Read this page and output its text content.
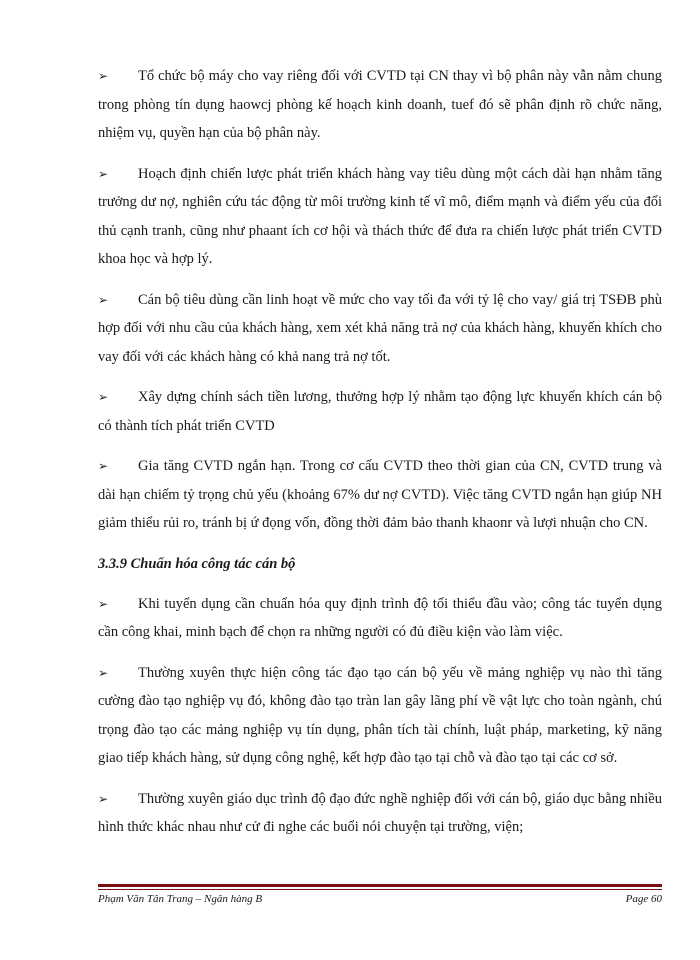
➢ Tổ chức bộ máy cho vay riêng đối với CVTD tại CN thay vì bộ phân này vẫn nằm chung trong phòng tín dụng haowcj phòng kế hoạch kinh doanh, tuef đó sẽ phân định rõ chức năng, nhiệm vụ, quyền hạn của bộ phân này.

➢ Hoạch định chiến lược phát triển khách hàng vay tiêu dùng một cách dài hạn nhằm tăng trưởng dư nợ, nghiên cứu tác động từ môi trường kinh tế vĩ mô, điểm mạnh và điểm yếu của đối thủ cạnh tranh, cũng như phaant ích cơ hội và thách thức để đưa ra chiến lược phát triển CVTD khoa học và hợp lý.

➢ Cán bộ tiêu dùng cần linh hoạt về mức cho vay tối đa với tỷ lệ cho vay/ giá trị TSĐB phù hợp đối với nhu cầu của khách hàng, xem xét khả năng trả nợ của khách hàng, khuyến khích cho vay đối với các khách hàng có khả nang trả nợ tốt.

➢ Xây dựng chính sách tiền lương, thưởng hợp lý nhằm tạo động lực khuyến khích cán bộ có thành tích phát triển CVTD

➢ Gia tăng CVTD ngắn hạn. Trong cơ cấu CVTD theo thời gian của CN, CVTD trung và dài hạn chiếm tỷ trọng chủ yếu (khoảng 67% dư nợ CVTD). Việc tăng CVTD ngắn hạn giúp NH giảm thiểu rủi ro, tránh bị ứ đọng vốn, đồng thời đảm bảo thanh khaonr và lượi nhuận cho CN.

3.3.9 Chuẩn hóa công tác cán bộ

➢ Khi tuyển dụng cần chuẩn hóa quy định trình độ tối thiểu đầu vào; công tác tuyển dụng cần công khai, minh bạch để chọn ra những người có đủ điều kiện vào làm việc.

➢ Thường xuyên thực hiện công tác đạo tạo cán bộ yếu về mảng nghiệp vụ nào thì tăng cường đào tạo nghiệp vụ đó, không đào tạo tràn lan gây lãng phí về vật lực cho toàn ngành, chú trọng đào tạo các mảng nghiệp vụ tín dụng, phân tích tài chính, luật pháp, marketing, kỹ năng giao tiếp khách hàng, sử dụng công nghệ, kết hợp đào tạo tại chỗ và đào tạo tại các cơ sở.

➢ Thường xuyên giáo dục trình độ đạo đức nghề nghiệp đối với cán bộ, giáo dục bằng nhiều hình thức khác nhau như cử đi nghe các buổi nói chuyện tại trường, viện;

Phạm Văn Tân Trang – Ngân hàng B	Page 60
